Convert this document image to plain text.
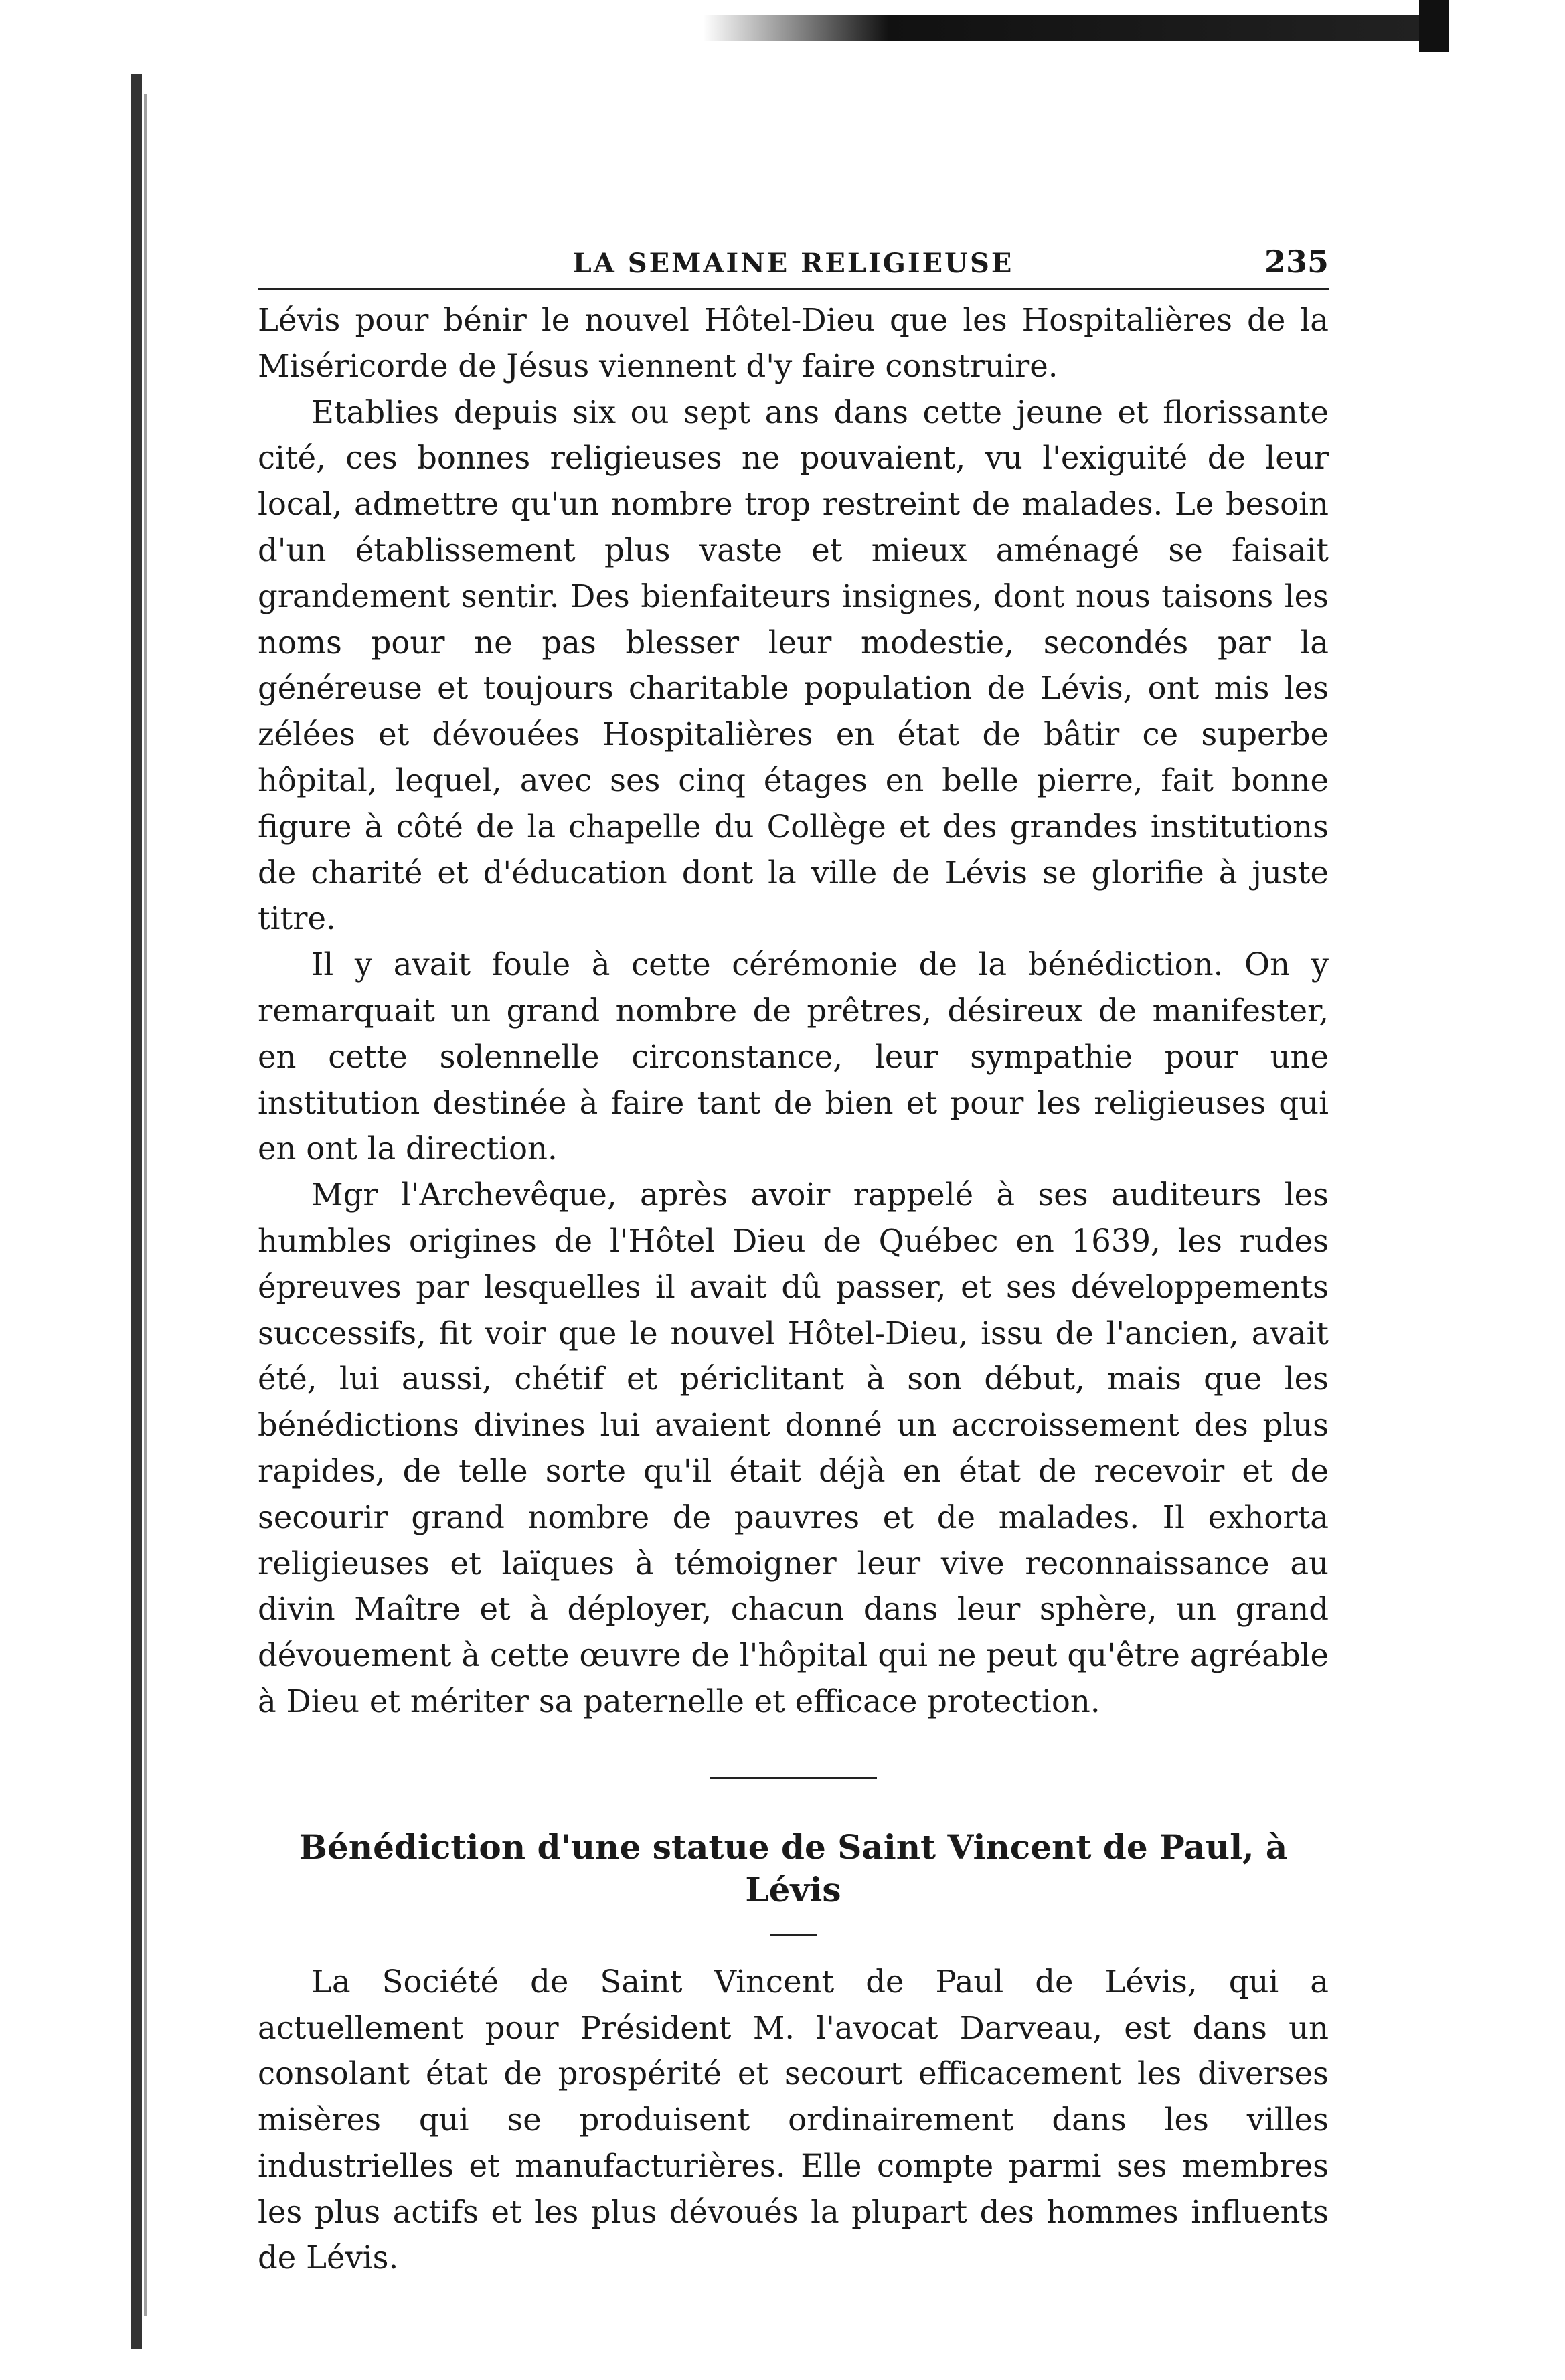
LA SEMAINE RELIGIEUSE	235

Lévis pour bénir le nouvel Hôtel-Dieu que les Hospitalières de la Miséricorde de Jésus viennent d'y faire construire.

Etablies depuis six ou sept ans dans cette jeune et florissante cité, ces bonnes religieuses ne pouvaient, vu l'exiguité de leur local, admettre qu'un nombre trop restreint de malades. Le besoin d'un établissement plus vaste et mieux aménagé se faisait grandement sentir. Des bienfaiteurs insignes, dont nous taisons les noms pour ne pas blesser leur modestie, secondés par la généreuse et toujours charitable population de Lévis, ont mis les zélées et dévouées Hospitalières en état de bâtir ce superbe hôpital, lequel, avec ses cinq étages en belle pierre, fait bonne figure à côté de la chapelle du Collège et des grandes institutions de charité et d'éducation dont la ville de Lévis se glorifie à juste titre.

Il y avait foule à cette cérémonie de la bénédiction. On y remarquait un grand nombre de prêtres, désireux de manifester, en cette solennelle circonstance, leur sympathie pour une institution destinée à faire tant de bien et pour les religieuses qui en ont la direction.

Mgr l'Archevêque, après avoir rappelé à ses auditeurs les humbles origines de l'Hôtel Dieu de Québec en 1639, les rudes épreuves par lesquelles il avait dû passer, et ses développements successifs, fit voir que le nouvel Hôtel-Dieu, issu de l'ancien, avait été, lui aussi, chétif et périclitant à son début, mais que les bénédictions divines lui avaient donné un accroissement des plus rapides, de telle sorte qu'il était déjà en état de recevoir et de secourir grand nombre de pauvres et de malades. Il exhorta religieuses et laïques à témoigner leur vive reconnaissance au divin Maître et à déployer, chacun dans leur sphère, un grand dévouement à cette œuvre de l'hôpital qui ne peut qu'être agréable à Dieu et mériter sa paternelle et efficace protection.

Bénédiction d'une statue de Saint Vincent de Paul, à Lévis

La Société de Saint Vincent de Paul de Lévis, qui a actuellement pour Président M. l'avocat Darveau, est dans un consolant état de prospérité et secourt efficacement les diverses misères qui se produisent ordinairement dans les villes industrielles et manufacturières. Elle compte parmi ses membres les plus actifs et les plus dévoués la plupart des hommes influents de Lévis.
